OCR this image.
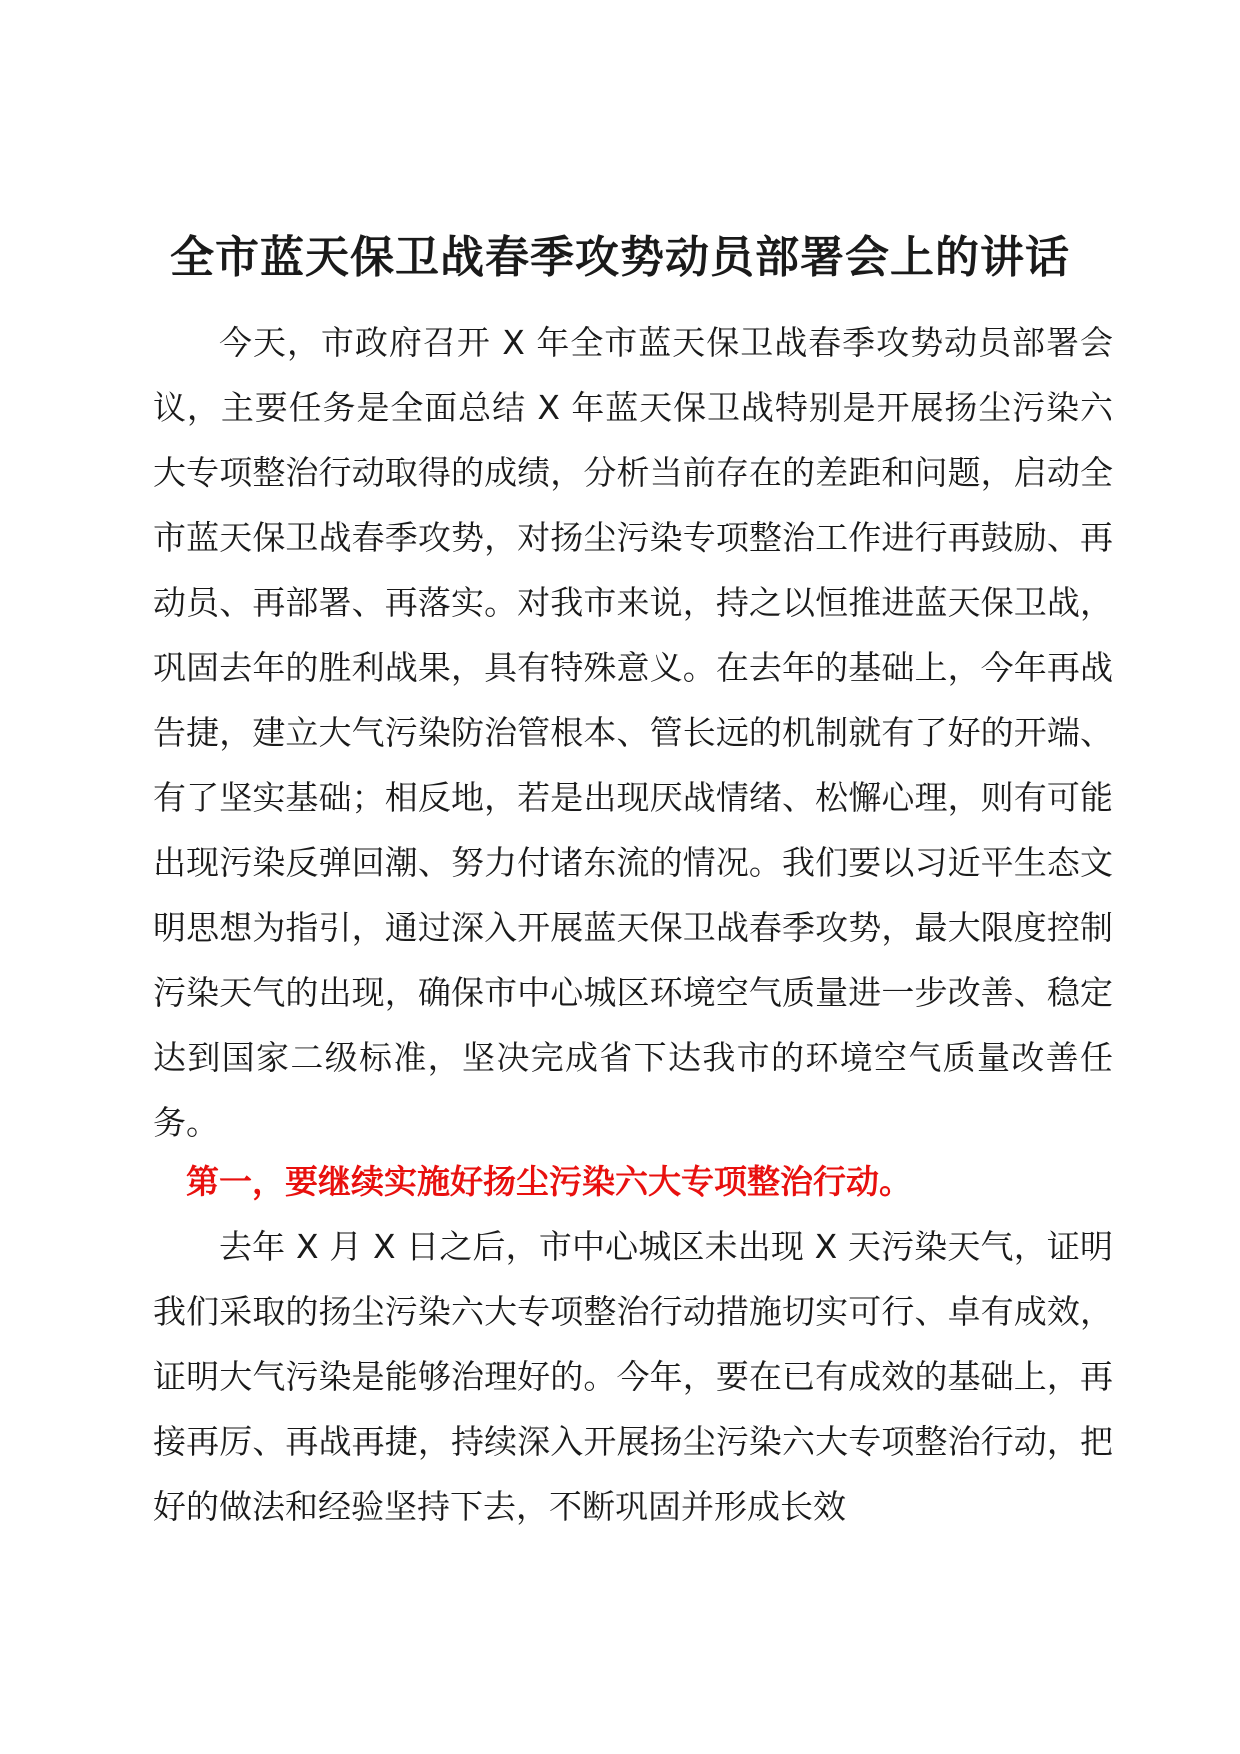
全市蓝天保卫战春季攻势动员部署会上的讲话

今天，市政府召开 X 年全市蓝天保卫战春季攻势动员部署会议，主要任务是全面总结 X 年蓝天保卫战特别是开展扬尘污染六大专项整治行动取得的成绩，分析当前存在的差距和问题，启动全市蓝天保卫战春季攻势，对扬尘污染专项整治工作进行再鼓励、再动员、再部署、再落实。对我市来说，持之以恒推进蓝天保卫战，巩固去年的胜利战果，具有特殊意义。在去年的基础上，今年再战告捷，建立大气污染防治管根本、管长远的机制就有了好的开端、有了坚实基础；相反地，若是出现厌战情绪、松懈心理，则有可能出现污染反弹回潮、努力付诸东流的情况。我们要以习近平生态文明思想为指引，通过深入开展蓝天保卫战春季攻势，最大限度控制污染天气的出现，确保市中心城区环境空气质量进一步改善、稳定达到国家二级标准，坚决完成省下达我市的环境空气质量改善任务。

第一，要继续实施好扬尘污染六大专项整治行动。

去年 X 月 X 日之后，市中心城区未出现 X 天污染天气，证明我们采取的扬尘污染六大专项整治行动措施切实可行、卓有成效，证明大气污染是能够治理好的。今年，要在已有成效的基础上，再接再厉、再战再捷，持续深入开展扬尘污染六大专项整治行动，把好的做法和经验坚持下去，不断巩固并形成长效
